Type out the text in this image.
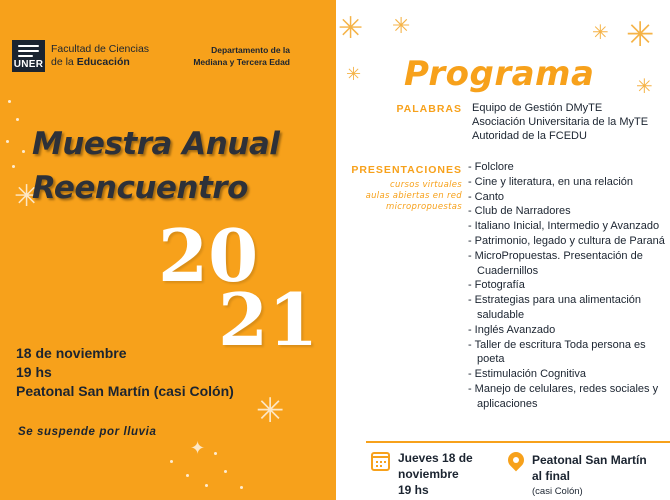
✳
✳
✦
UNER
Facultad de Ciencias
de la Educación
Departamento de la
Mediana y Tercera Edad
Muestra Anual
Reencuentro
20
21
18 de noviembre
19 hs
Peatonal San Martín (casi Colón)
Se suspende por lluvia
✳ ✳
✳
✳ ✳
✳
Programa
PALABRAS Equipo de Gestión DMyTE
Asociación Universitaria de la MyTE
Autoridad de la FCEDU
PRESENTACIONES
cursos virtuales
aulas abiertas en red
micropropuestas
- Folclore
- Cine y literatura, en una relación
- Canto
- Club de Narradores
- Italiano Inicial, Intermedio y Avanzado
- Patrimonio, legado y cultura de Paraná
- MicroPropuestas. Presentación de Cuadernillos
- Fotografía
- Estrategias para una alimentación saludable
- Inglés Avanzado
- Taller de escritura Toda persona es poeta
- Estimulación Cognitiva
- Manejo de celulares, redes sociales y aplicaciones
Jueves 18 de
noviembre
19 hs
Peatonal San Martín
al final
(casi Colón)
